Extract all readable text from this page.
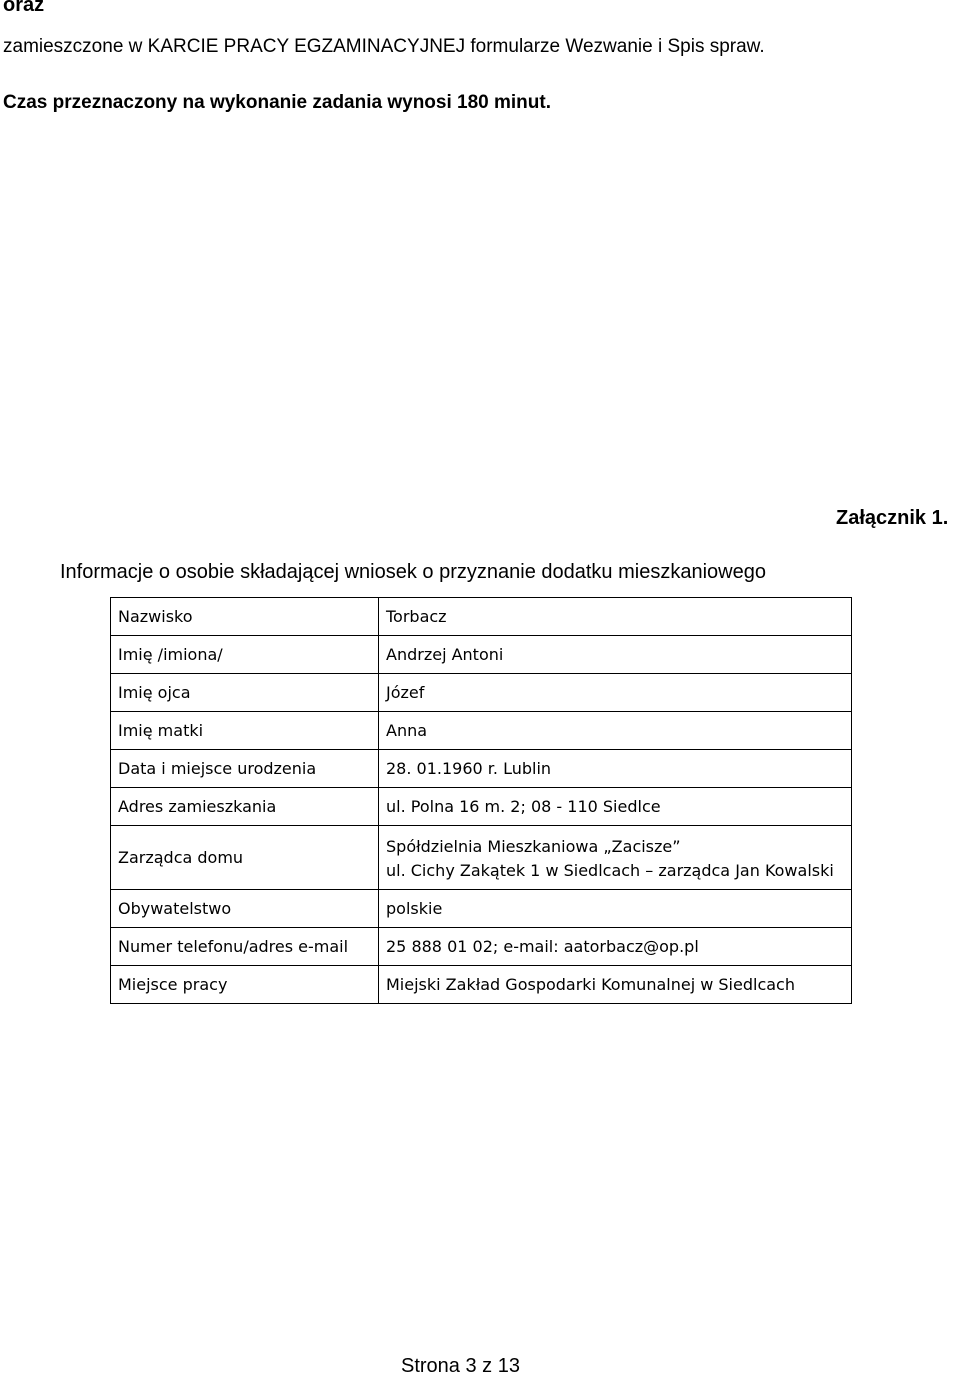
oraz
zamieszczone w KARCIE PRACY EGZAMINACYJNEJ formularze Wezwanie i Spis spraw.
Czas przeznaczony na wykonanie zadania wynosi 180 minut.
Załącznik 1.
Informacje o osobie składającej wniosek o przyznanie dodatku mieszkaniowego
Nazwisko	Torbacz
Imię /imiona/	Andrzej Antoni
Imię ojca	Józef
Imię matki	Anna
Data i miejsce urodzenia	28. 01.1960 r. Lublin
Adres zamieszkania	ul. Polna 16 m. 2; 08 - 110 Siedlce
Zarządca domu	Spółdzielnia Mieszkaniowa „Zacisze”
ul. Cichy Zakątek 1 w Siedlcach – zarządca Jan Kowalski

Obywatelstwo	polskie
Numer telefonu/adres e-mail	25 888 01 02; e-mail: aatorbacz@op.pl
Miejsce pracy	Miejski Zakład Gospodarki Komunalnej w Siedlcach
Strona 3 z 13
